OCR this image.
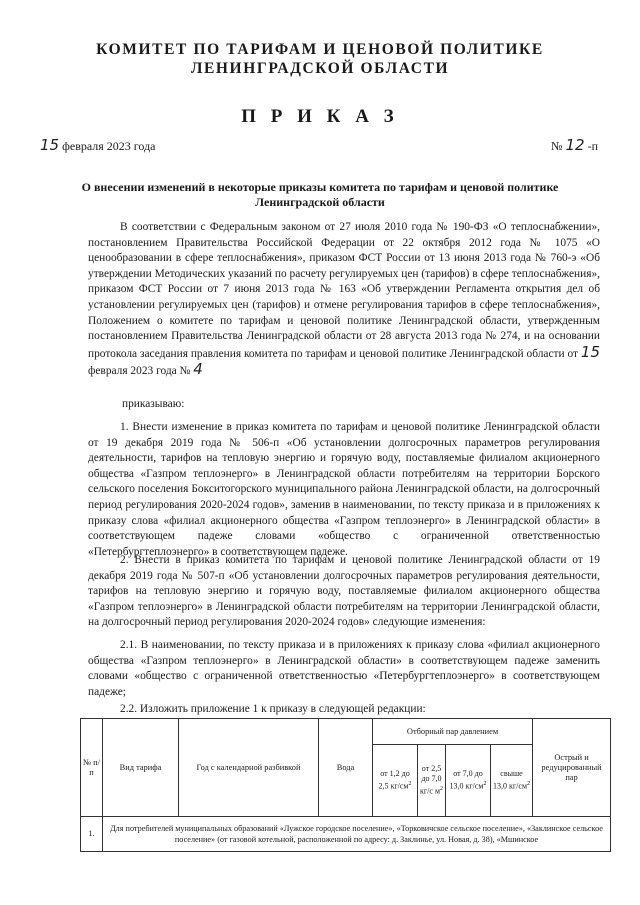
КОМИТЕТ ПО ТАРИФАМ И ЦЕНОВОЙ ПОЛИТИКЕ
ЛЕНИНГРАДСКОЙ ОБЛАСТИ
П Р И К А З
15 февраля 2023 года	№ 12 -п
О внесении изменений в некоторые приказы комитета по тарифам и ценовой политике Ленинградской области

В соответствии с Федеральным законом от 27 июля 2010 года № 190-ФЗ «О теплоснабжении», постановлением Правительства Российской Федерации от 22 октября 2012 года № 1075 «О ценообразовании в сфере теплоснабжения», приказом ФСТ России от 13 июня 2013 года № 760-э «Об утверждении Методических указаний по расчету регулируемых цен (тарифов) в сфере теплоснабжения», приказом ФСТ России от 7 июня 2013 года № 163 «Об утверждении Регламента открытия дел об установлении регулируемых цен (тарифов) и отмене регулирования тарифов в сфере теплоснабжения», Положением о комитете по тарифам и ценовой политике Ленинградской области, утвержденным постановлением Правительства Ленинградской области от 28 августа 2013 года № 274, и на основании протокола заседания правления комитета по тарифам и ценовой политике Ленинградской области от 15 февраля 2023 года № 4

приказываю:

1. Внести изменение в приказ комитета по тарифам и ценовой политике Ленинградской области от 19 декабря 2019 года № 506-п «Об установлении долгосрочных параметров регулирования деятельности, тарифов на тепловую энергию и горячую воду, поставляемые филиалом акционерного общества «Газпром теплоэнерго» в Ленинградской области потребителям на территории Борского сельского поселения Бокситогорского муниципального района Ленинградской области, на долгосрочный период регулирования 2020-2024 годов», заменив в наименовании, по тексту приказа и в приложениях к приказу слова «филиал акционерного общества «Газпром теплоэнерго» в Ленинградской области» в соответствующем падеже словами «общество с ограниченной ответственностью «Петербургтеплоэнерго» в соответствующем падеже.

2. Внести в приказ комитета по тарифам и ценовой политике Ленинградской области от 19 декабря 2019 года № 507-п «Об установлении долгосрочных параметров регулирования деятельности, тарифов на тепловую энергию и горячую воду, поставляемые филиалом акционерного общества «Газпром теплоэнерго» в Ленинградской области потребителям на территории Ленинградской области, на долгосрочный период регулирования 2020-2024 годов» следующие изменения:

2.1. В наименовании, по тексту приказа и в приложениях к приказу слова «филиал акционерного общества «Газпром теплоэнерго» в Ленинградской области» в соответствующем падеже заменить словами «общество с ограниченной ответственностью «Петербургтеплоэнерго» в соответствующем падеже;

2.2. Изложить приложение 1 к приказу в следующей редакции:

№ п/п	Вид тарифа	Год с календарной разбивкой	Вода	Отборный пар давлением				Острый и редуцированный пар
				от 1,2 до 2,5 $кг/см^2$	от 2,5 до 7,0 кг/с $м^2$	от 7,0 до 13,0 $кг/см^2$	свыше 13,0 $кг/см^2$
1.	Для потребителей муниципальных образований «Лужское городское поселение», «Торковичское сельское поселение», «Заклинское сельское поселение» (от газовой котельной, расположенной по адресу: д. Заклинье, ул. Новая, д. 38), «Мшинское							
